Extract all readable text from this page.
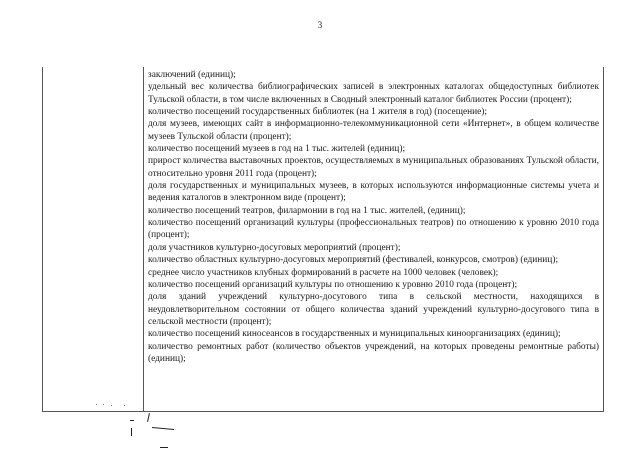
3
заключений (единиц);
удельный вес количества библиографических записей в электронных каталогах общедоступных библиотек Тульской области, в том числе включенных в Сводный электронный каталог библиотек России (процент);
количество посещений государственных библиотек (на 1 жителя в год) (посещение);
доля музеев, имеющих сайт в информационно-телекоммуникационной сети «Интернет», в общем количестве музеев Тульской области (процент);
количество посещений музеев в год на 1 тыс. жителей (единиц);
прирост количества выставочных проектов, осуществляемых в муниципальных образованиях Тульской области, относительно уровня 2011 года (процент);
доля государственных и муниципальных музеев, в которых используются информационные системы учета и ведения каталогов в электронном виде (процент);
количество посещений театров, филармонии в год на 1 тыс. жителей, (единиц);
количество посещений организаций культуры (профессиональных театров) по отношению к уровню 2010 года (процент);
доля участников культурно-досуговых мероприятий (процент);
количество областных культурно-досуговых мероприятий (фестивалей, конкурсов, смотров) (единиц);
среднее число участников клубных формирований в расчете на 1000 человек (человек);
количество посещений организаций культуры по отношению к уровню 2010 года (процент);
доля зданий учреждений культурно-досугового типа в сельской местности, находящихся в неудовлетворительном состоянии от общего количества зданий учреждений культурно-досугового типа в сельской местности (процент);
количество посещений киносеансов в государственных и муниципальных киноорганизациях (единиц);
количество ремонтных работ (количество объектов учреждений, на которых проведены ремонтные работы) (единиц);
